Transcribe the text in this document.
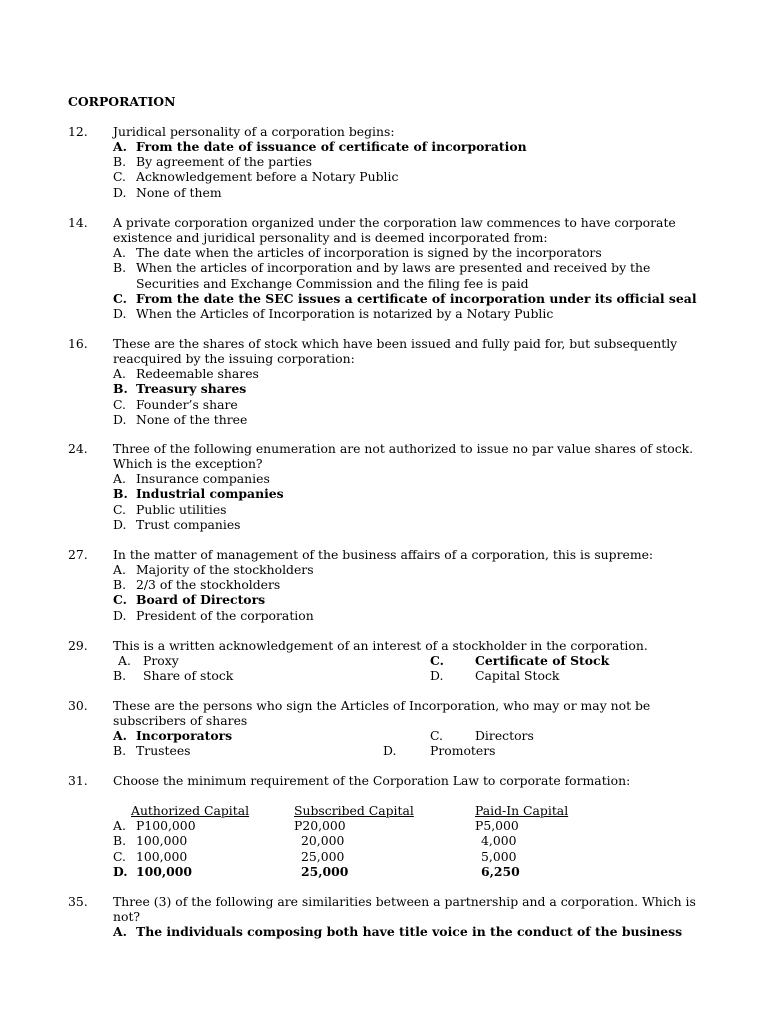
CORPORATION
12. Juridical personality of a corporation begins:
A. From the date of issuance of certificate of incorporation
B. By agreement of the parties
C. Acknowledgement before a Notary Public
D. None of them
14. A private corporation organized under the corporation law commences to have corporate existence and juridical personality and is deemed incorporated from:
A. The date when the articles of incorporation is signed by the incorporators
B. When the articles of incorporation and by laws are presented and received by the Securities and Exchange Commission and the filing fee is paid
C. From the date the SEC issues a certificate of incorporation under its official seal
D. When the Articles of Incorporation is notarized by a Notary Public
16. These are the shares of stock which have been issued and fully paid for, but subsequently reacquired by the issuing corporation:
A. Redeemable shares
B. Treasury shares
C. Founder’s share
D. None of the three
24. Three of the following enumeration are not authorized to issue no par value shares of stock. Which is the exception?
A. Insurance companies
B. Industrial companies
C. Public utilities
D. Trust companies
27. In the matter of management of the business affairs of a corporation, this is supreme:
A. Majority of the stockholders
B. 2/3 of the stockholders
C. Board of Directors
D. President of the corporation
29. This is a written acknowledgement of an interest of a stockholder in the corporation.
A. Proxy	C.	Certificate of Stock
B. Share of stock	D.	Capital Stock
30. These are the persons who sign the Articles of Incorporation, who may or may not be subscribers of shares
A. Incorporators	C.	Directors
B. Trustees	D.	Promoters
31. Choose the minimum requirement of the Corporation Law to corporate formation:
Authorized Capital	Subscribed Capital	Paid-In Capital
A. P100,000	P20,000	P5,000
B. 100,000	20,000	4,000
C. 100,000	25,000	5,000
D. 100,000	25,000	6,250
35. Three (3) of the following are similarities between a partnership and a corporation. Which is not?
A. The individuals composing both have title voice in the conduct of the business
